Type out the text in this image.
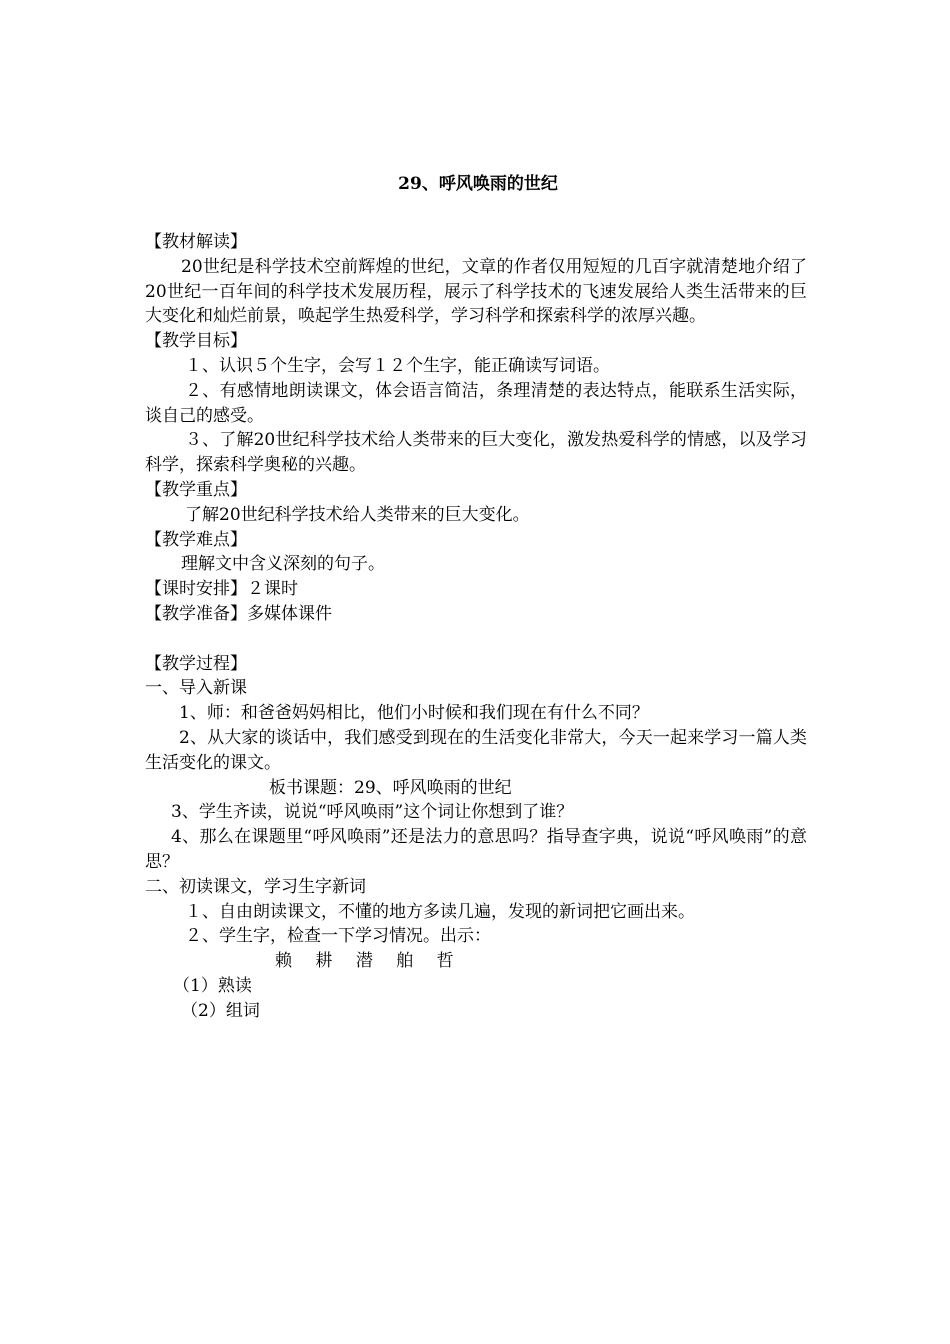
29、呼风唤雨的世纪

【教材解读】

20世纪是科学技术空前辉煌的世纪，文章的作者仅用短短的几百字就清楚地介绍了20世纪一百年间的科学技术发展历程，展示了科学技术的飞速发展给人类生活带来的巨大变化和灿烂前景，唤起学生热爱科学，学习科学和探索科学的浓厚兴趣。

【教学目标】

１、认识５个生字，会写１２个生字，能正确读写词语。

２、有感情地朗读课文，体会语言简洁，条理清楚的表达特点，能联系生活实际，谈自己的感受。

３、了解20世纪科学技术给人类带来的巨大变化，激发热爱科学的情感，以及学习科学，探索科学奥秘的兴趣。

【教学重点】

了解20世纪科学技术给人类带来的巨大变化。

【教学难点】

理解文中含义深刻的句子。

【课时安排】２课时

【教学准备】多媒体课件

【教学过程】

一、导入新课

1、师：和爸爸妈妈相比，他们小时候和我们现在有什么不同？

2、从大家的谈话中，我们感受到现在的生活变化非常大，今天一起来学习一篇人类生活变化的课文。

板书课题：29、呼风唤雨的世纪

3、学生齐读，说说“呼风唤雨”这个词让你想到了谁？

4、那么在课题里“呼风唤雨”还是法力的意思吗？指导查字典，说说“呼风唤雨”的意思？

二、初读课文，学习生字新词

１、自由朗读课文，不懂的地方多读几遍，发现的新词把它画出来。

２、学生字，检查一下学习情况。出示：

赖 耕 潜 舶 哲

（1）熟读

（2）组词
